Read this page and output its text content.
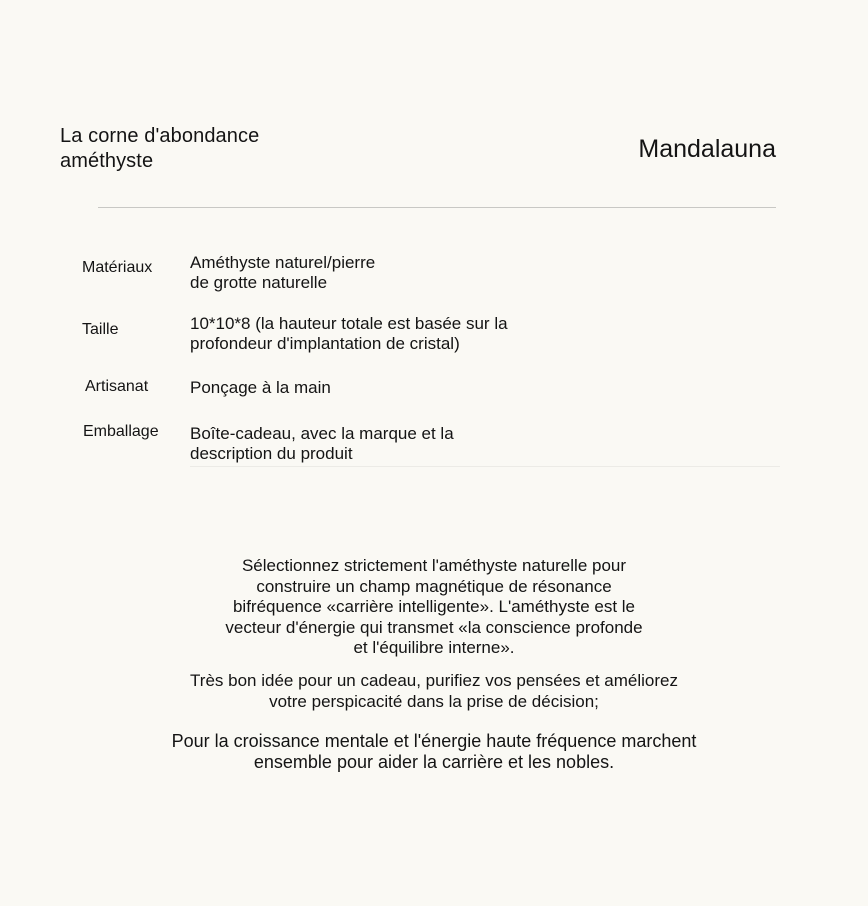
La corne d'abondance
améthyste	Mandalauna
Matériaux Améthyste naturel/pierre
de grotte naturelle
Taille	10*10*8 (la hauteur totale est basée sur la
profondeur d'implantation de cristal)
Artisanat Ponçage à la main
Emballage Boîte-cadeau, avec la marque et la
description du produit
Sélectionnez strictement l'améthyste naturelle pour
construire un champ magnétique de résonance
bifréquence «carrière intelligente». L'améthyste est le
vecteur d'énergie qui transmet «la conscience profonde
et l'équilibre interne».
Très bon idée pour un cadeau, purifiez vos pensées et améliorez
votre perspicacité dans la prise de décision;
Pour la croissance mentale et l'énergie haute fréquence marchent
ensemble pour aider la carrière et les nobles.
